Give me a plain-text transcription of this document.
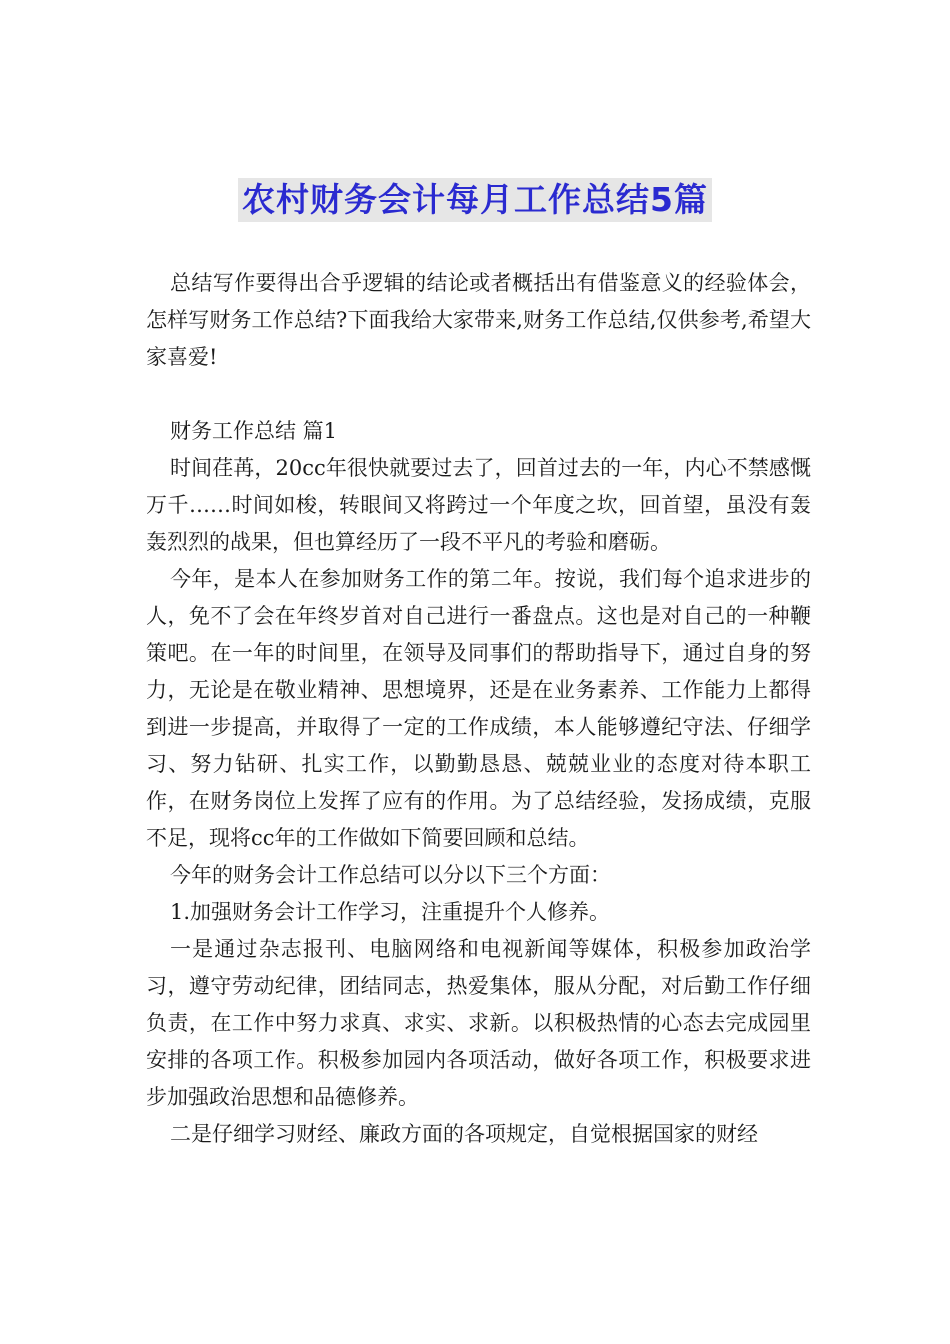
农村财务会计每月工作总结5篇

总结写作要得出合乎逻辑的结论或者概括出有借鉴意义的经验体会，怎样写财务工作总结?下面我给大家带来,财务工作总结,仅供参考,希望大家喜爱!

财务工作总结 篇1

时间荏苒，20cc年很快就要过去了，回首过去的一年，内心不禁感慨万千……时间如梭，转眼间又将跨过一个年度之坎，回首望，虽没有轰轰烈烈的战果，但也算经历了一段不平凡的考验和磨砺。

今年，是本人在参加财务工作的第二年。按说，我们每个追求进步的人，免不了会在年终岁首对自己进行一番盘点。这也是对自己的一种鞭策吧。在一年的时间里，在领导及同事们的帮助指导下，通过自身的努力，无论是在敬业精神、思想境界，还是在业务素养、工作能力上都得到进一步提高，并取得了一定的工作成绩，本人能够遵纪守法、仔细学习、努力钻研、扎实工作，以勤勤恳恳、兢兢业业的态度对待本职工作，在财务岗位上发挥了应有的作用。为了总结经验，发扬成绩，克服不足，现将cc年的工作做如下简要回顾和总结。

今年的财务会计工作总结可以分以下三个方面：

1.加强财务会计工作学习，注重提升个人修养。

一是通过杂志报刊、电脑网络和电视新闻等媒体，积极参加政治学习，遵守劳动纪律，团结同志，热爱集体，服从分配，对后勤工作仔细负责，在工作中努力求真、求实、求新。以积极热情的心态去完成园里安排的各项工作。积极参加园内各项活动，做好各项工作，积极要求进步加强政治思想和品德修养。

二是仔细学习财经、廉政方面的各项规定，自觉根据国家的财经
